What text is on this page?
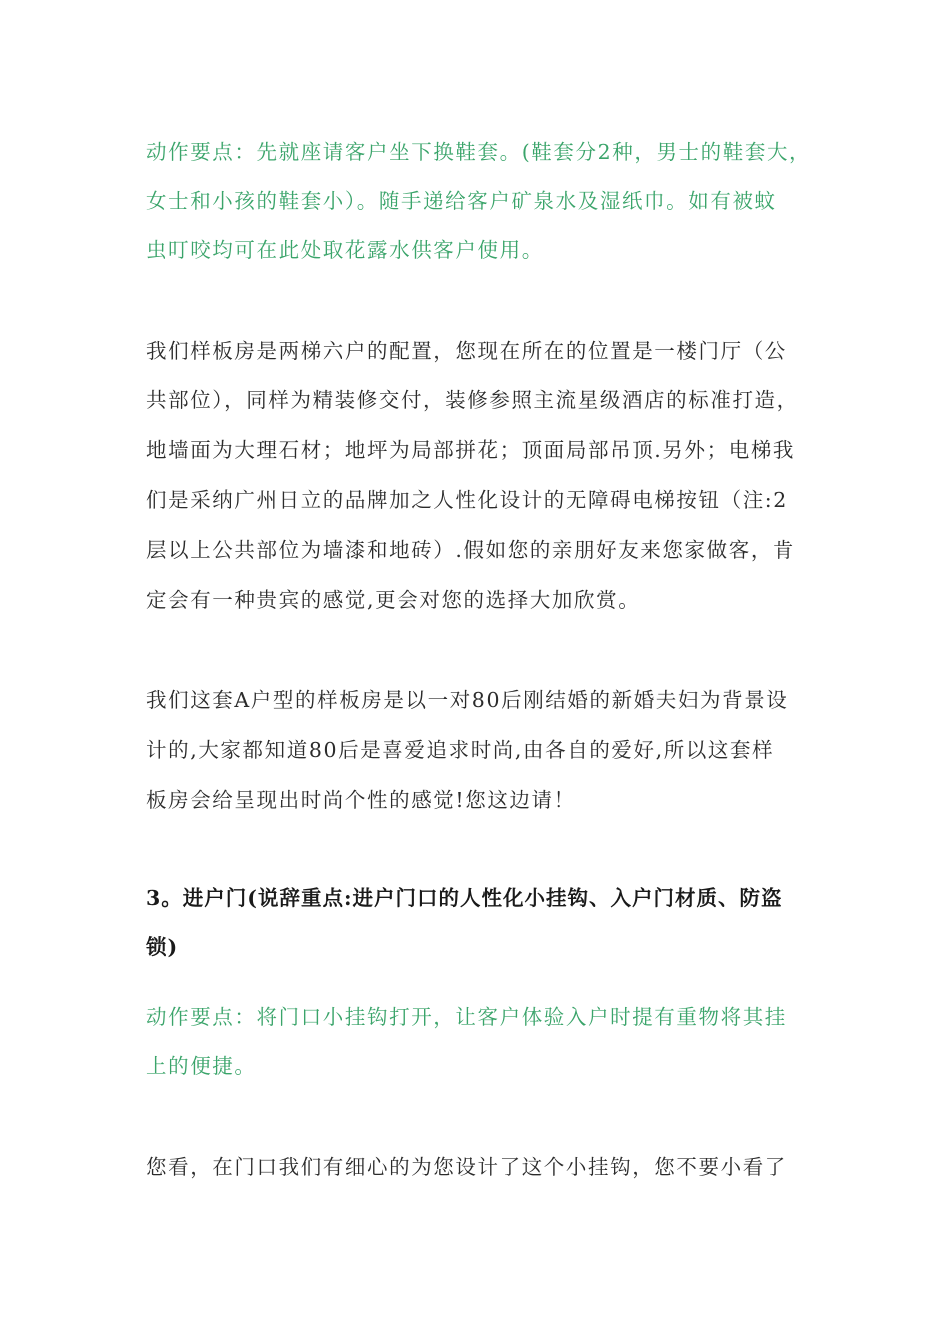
动作要点：先就座请客户坐下换鞋套。(鞋套分2种，男士的鞋套大，

女士和小孩的鞋套小）。随手递给客户矿泉水及湿纸巾。如有被蚊

虫叮咬均可在此处取花露水供客户使用。

我们样板房是两梯六户的配置，您现在所在的位置是一楼门厅（公

共部位），同样为精装修交付，装修参照主流星级酒店的标准打造，

地墙面为大理石材；地坪为局部拼花；顶面局部吊顶.另外；电梯我

们是采纳广州日立的品牌加之人性化设计的无障碍电梯按钮（注:2

层以上公共部位为墙漆和地砖）.假如您的亲朋好友来您家做客，肯

定会有一种贵宾的感觉,更会对您的选择大加欣赏。

我们这套A户型的样板房是以一对80后刚结婚的新婚夫妇为背景设

计的,大家都知道80后是喜爱追求时尚,由各自的爱好,所以这套样

板房会给呈现出时尚个性的感觉!您这边请！

3。进户门(说辞重点:进户门口的人性化小挂钩、入户门材质、防盗

锁)

动作要点：将门口小挂钩打开，让客户体验入户时提有重物将其挂

上的便捷。

您看，在门口我们有细心的为您设计了这个小挂钩，您不要小看了
